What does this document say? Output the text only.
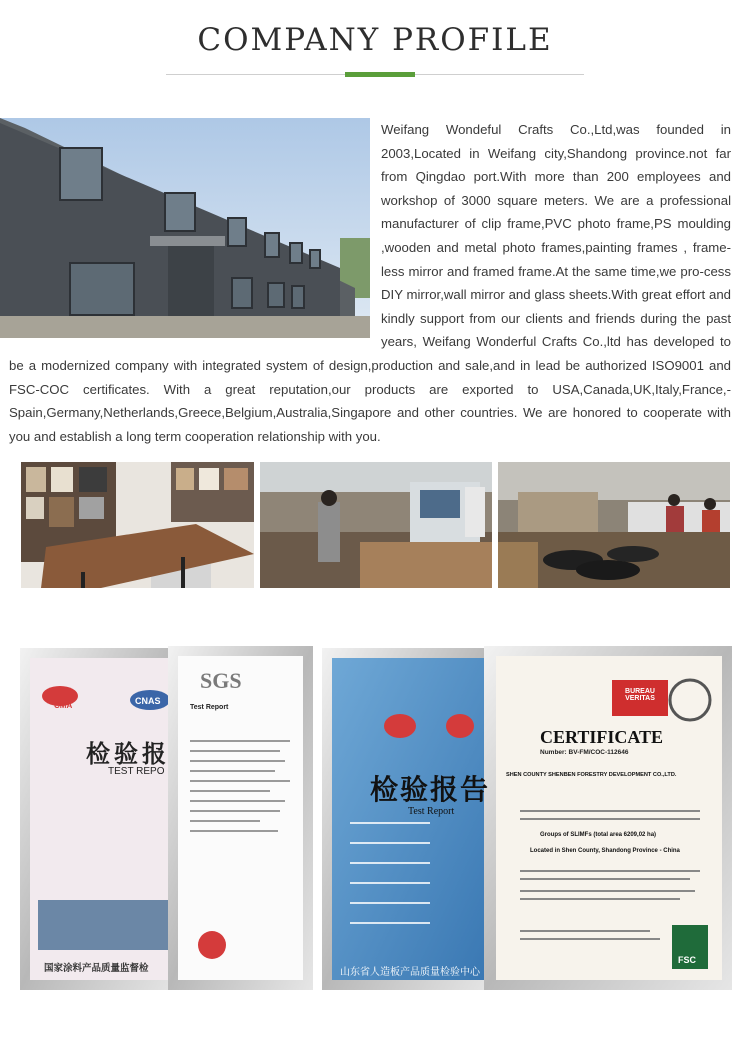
COMPANY PROFILE
Weifang Wondeful Crafts Co.,Ltd,was founded in 2003,Located in Weifang city,Shandong province.not far from Qingdao port.With more than 200 employees and workshop of 3000 square meters. We are a professional manufacturer of clip frame,PVC photo frame,PS moulding ,wooden and metal photo frames,painting frames , frame-less mirror and framed frame.At the same time,we pro-cess DIY mirror,wall mirror and glass sheets.With great effort and kindly support from our clients and friends during the past years, Weifang Wonderful Crafts Co.,ltd has developed to be a modernized company with integrated system of design,production and sale,and in lead be authorized ISO9001 and FSC-COC certificates. With a great reputation,our products are exported to USA,Canada,UK,Italy,France,-Spain,Germany,Netherlands,Greece,Belgium,Australia,Singapore and other countries. We are honored to cooperate with you and establish a long term cooperation relationship with you.
CMA	CNAS
检验报
TEST REPO
国家涂料产品质量监督检
SGS
Test Report
检验报告
Test Report
山东省人造板产品质量检验中心
BUREAU VERITAS
CERTIFICATE
Number: BV-FM/COC-112646
SHEN COUNTY SHENBEN FORESTRY DEVELOPMENT CO.,LTD.
Groups of SLIMFs (total area 6209,02 ha)
Located in Shen County, Shandong Province - China
FSC
